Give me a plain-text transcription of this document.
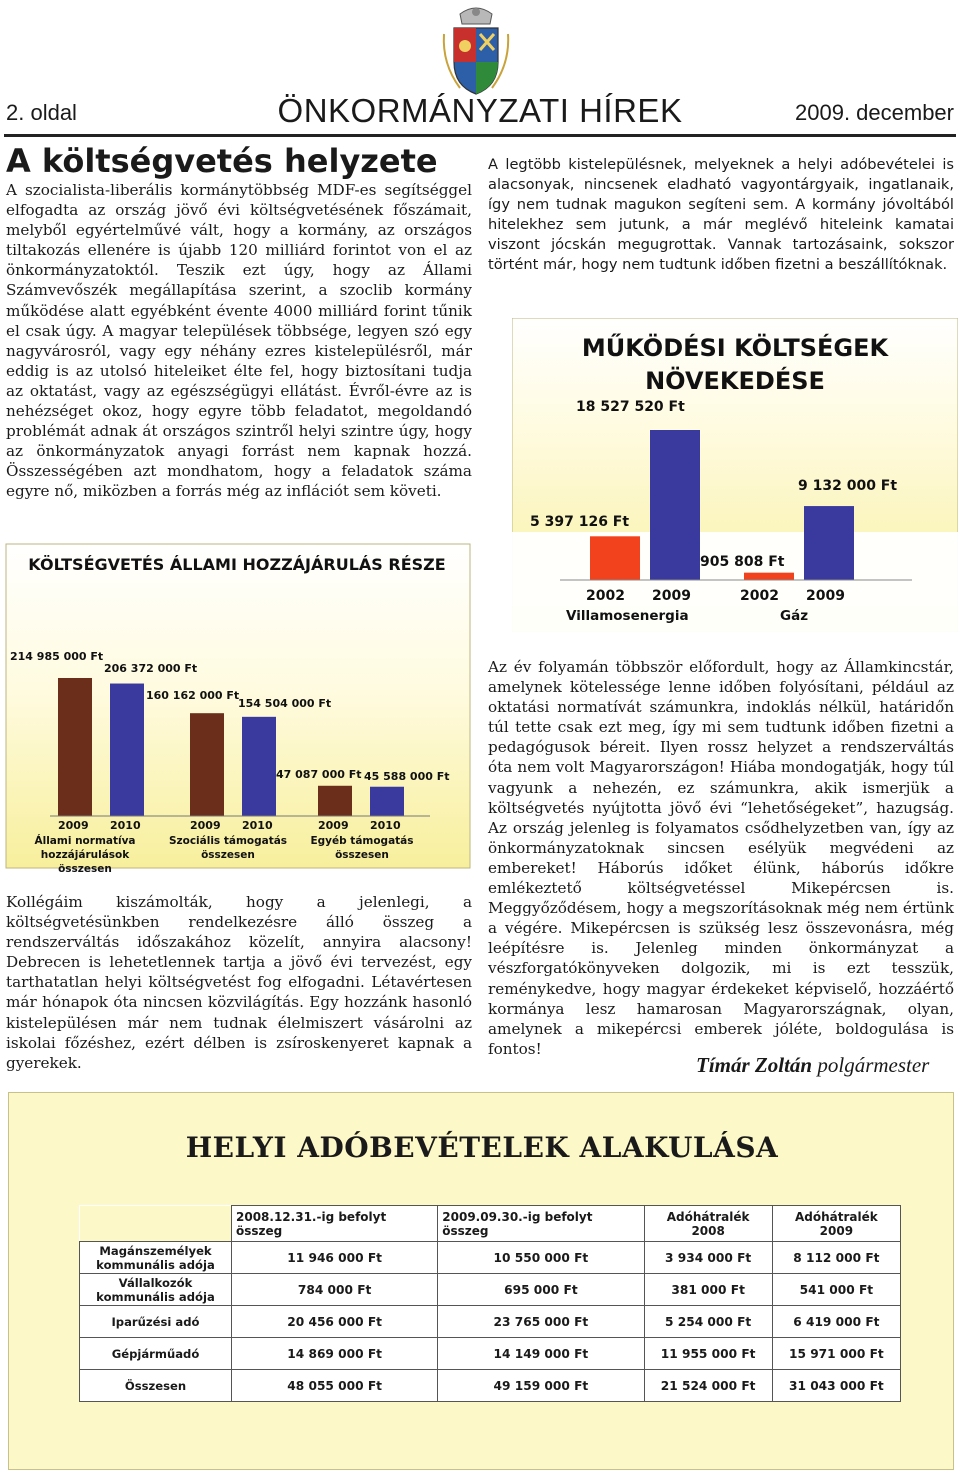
2. oldal	ÖNKORMÁNYZATI HÍREK	2009. december
A költségvetés helyzete
A szocialista-liberális kormánytöbbség MDF-es segítséggel elfogadta az ország jövő évi költségvetésének főszámait, melyből egyértelművé vált, hogy a kormány, az országos tiltakozás ellenére is újabb 120 milliárd forintot von el az önkormányzatoktól. Teszik ezt úgy, hogy az Állami Számvevőszék megállapítása szerint, a szoclib kormány működése alatt egyébként évente 4000 milliárd forint tűnik el csak úgy. A magyar települések többsége, legyen szó egy nagyvárosról, vagy egy néhány ezres kistelepülésről, már eddig is az utolsó hiteleiket élte fel, hogy biztosítani tudja az oktatást, vagy az egészségügyi ellátást. Évről-évre az is nehézséget okoz, hogy egyre több feladatot, megoldandó problémát adnak át országos szintről helyi szintre úgy, hogy az önkormányzatok anyagi forrást nem kapnak hozzá. Összességében azt mondhatom, hogy a feladatok száma egyre nő, miközben a forrás még az inflációt sem követi.
A legtöbb kistelepülésnek, melyeknek a helyi adóbevételei is alacsonyak, nincsenek eladható vagyontárgyaik, ingatlanaik, így nem tudnak magukon segíteni sem. A kormány jóvoltából hitelekhez sem jutunk, a már meglévő hiteleink kamatai viszont jócskán megugrottak. Vannak tartozásaink, sokszor történt már, hogy nem tudtunk időben fizetni a beszállítóknak.
Kollégáim kiszámolták, hogy a jelenlegi, a költségvetésünkben rendelkezésre álló összeg a rendszerváltás időszakához közelít, annyira alacsony! Debrecen is lehetetlennek tartja a jövő évi tervezést, egy tarthatatlan helyi költségvetést fog elfogadni. Létavértesen már hónapok óta nincsen közvilágítás. Egy hozzánk hasonló kistelepülésen már nem tudnak élelmiszert vásárolni az iskolai főzéshez, ezért délben is zsíroskenyeret kapnak a gyerekek.
Az év folyamán többször előfordult, hogy az Államkincstár, amelynek kötelessége lenne időben folyósítani, például az oktatási normatívát számunkra, indoklás nélkül, határidőn túl tette csak ezt meg, így mi sem tudtunk időben fizetni a pedagógusok béreit. Ilyen rossz helyzet a rendszerváltás óta nem volt Magyarországon! Hiába mondogatják, hogy túl vagyunk a nehezén, ez számunkra, akik ismerjük a költségvetés nyújtotta jövő évi “lehetőségeket”, hazugság. Az ország jelenleg is folyamatos csődhelyzetben van, így az önkormányzatoknak sincsen esélyük megvédeni az embereket! Háborús időket élünk, háborús időkre emlékeztető költségvetéssel Mikepércsen is. Meggyőződésem, hogy a megszorításoknak még nem értünk a végére. Mikepércsen is szükség lesz összevonásra, még leépítésre is. Jelenleg minden önkormányzat a vészforgatókönyveken dolgozik, mi is ezt tesszük, reménykedve, hogy magyar érdekeket képviselő, hozzáértő kormánya lesz hamarosan Magyarországnak, olyan, amelynek a mikepércsi emberek jóléte, boldogulása is fontos!
Tímár Zoltán polgármester
MŰKÖDÉSI KÖLTSÉGEK NÖVEKEDÉSE
5 397 126 Ft
2002
18 527 520 Ft
2009
Villamosenergia
905 808 Ft
2002
9 132 000 Ft
2009
Gáz
KÖLTSÉGVETÉS ÁLLAMI HOZZÁJÁRULÁS RÉSZE
214 985 000 Ft
2009
206 372 000 Ft
2010
Állami normatíva hozzájárulások összesen
160 162 000 Ft
2009
154 504 000 Ft
2010
Szociális támogatás összesen
47 087 000 Ft
2009
45 588 000 Ft
2010
Egyéb támogatás összesen
HELYI ADÓBEVÉTELEK ALAKULÁSA
	2008.12.31.-ig befolyt összeg	2009.09.30.-ig befolyt összeg	Adóhátralék 2008	Adóhátralék 2009
Magánszemélyek kommunális adója	11 946 000 Ft	10 550 000 Ft	3 934 000 Ft	8 112 000 Ft
Vállalkozók kommunális adója	784 000 Ft	695 000 Ft	381 000 Ft	541 000 Ft
Iparűzési adó	20 456 000 Ft	23 765 000 Ft	5 254 000 Ft	6 419 000 Ft
Gépjárműadó	14 869 000 Ft	14 149 000 Ft	11 955 000 Ft	15 971 000 Ft
Összesen	48 055 000 Ft	49 159 000 Ft	21 524 000 Ft	31 043 000 Ft
